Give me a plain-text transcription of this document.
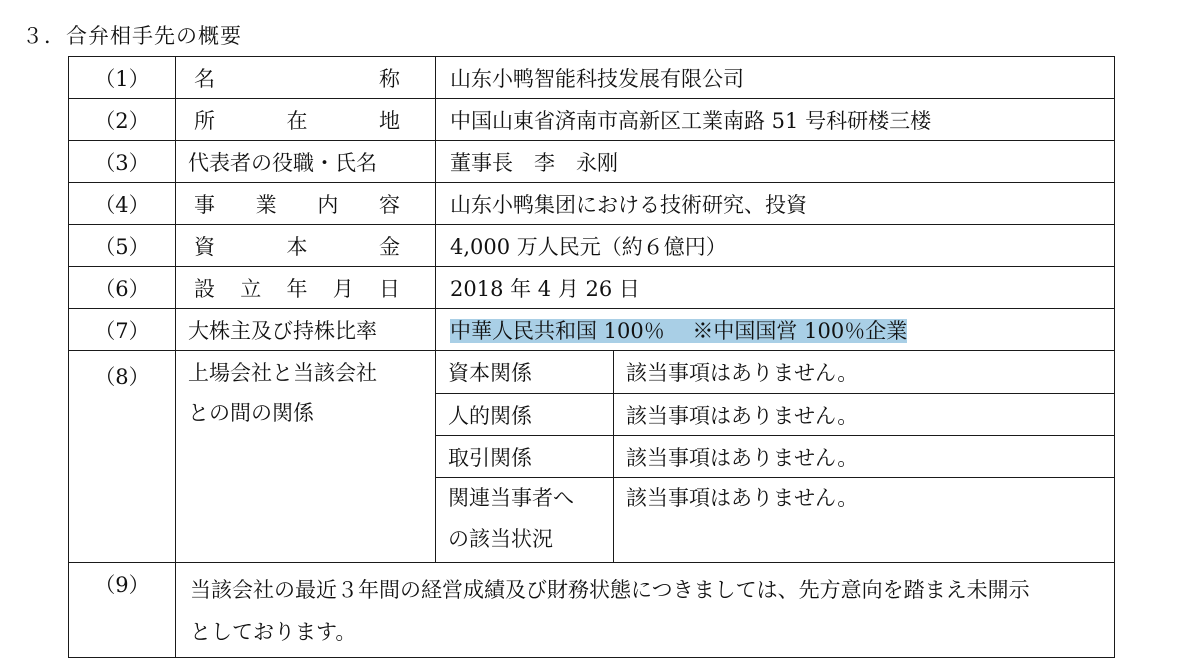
３．合弁相手先の概要
（1）	名 称	山东小鸭智能科技发展有限公司	
（2）	所 在 地	中国山東省済南市高新区工業南路 51 号科研楼三楼	
（3）	代表者の役職・氏名	董事長　李　永刚	
（4）	事 業 内 容	山东小鸭集团における技術研究、投資	
（5）	資 本 金	4,000 万人民元（約６億円）	
（6）	設 立 年 月 日	2018 年 4 月 26 日	
（7）	大株主及び持株比率	中華人民共和国 100％　 ※中国国営 100％企業	
（8）	上場会社と当該会社
との間の関係	資本関係	該当事項はありません。
		人的関係	該当事項はありません。
		取引関係	該当事項はありません。

		関連当事者へ
の該当状況	該当事項はありません。
（9）	当該会社の最近３年間の経営成績及び財務状態につきましては、先方意向を踏まえ未開示
としております。		
